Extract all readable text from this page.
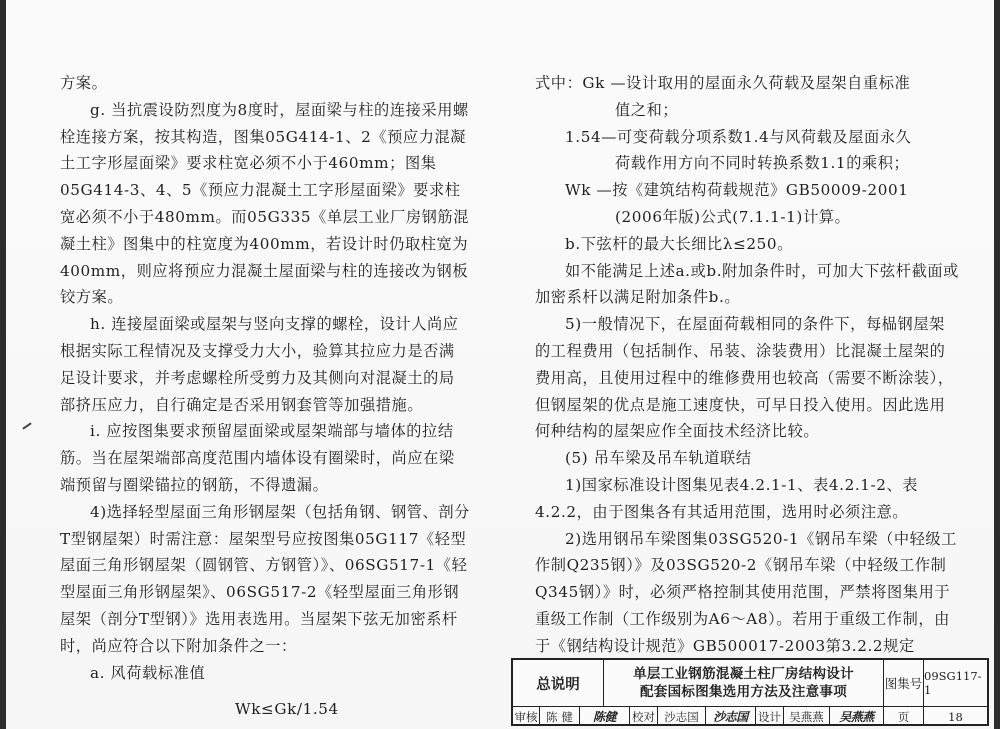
方案。

g. 当抗震设防烈度为8度时，屋面梁与柱的连接采用螺栓连接方案，按其构造，图集05G414-1、2《预应力混凝土工字形屋面梁》要求柱宽必须不小于460mm；图集05G414-3、4、5《预应力混凝土工字形屋面梁》要求柱宽必须不小于480mm。而05G335《单层工业厂房钢筋混凝土柱》图集中的柱宽度为400mm，若设计时仍取柱宽为400mm，则应将预应力混凝土屋面梁与柱的连接改为钢板铰方案。

h. 连接屋面梁或屋架与竖向支撑的螺栓，设计人尚应根据实际工程情况及支撑受力大小，验算其拉应力是否满足设计要求，并考虑螺栓所受剪力及其侧向对混凝土的局部挤压应力，自行确定是否采用钢套管等加强措施。

i. 应按图集要求预留屋面梁或屋架端部与墙体的拉结筋。当在屋架端部高度范围内墙体设有圈梁时，尚应在梁端预留与圈梁锚拉的钢筋，不得遗漏。

4)选择轻型屋面三角形钢屋架（包括角钢、钢管、剖分T型钢屋架）时需注意：屋架型号应按图集05G117《轻型屋面三角形钢屋架（圆钢管、方钢管）》、06SG517-1《轻型屋面三角形钢屋架》、06SG517-2《轻型屋面三角形钢屋架（剖分T型钢）》选用表选用。当屋架下弦无加密系杆时，尚应符合以下附加条件之一：

a. 风荷载标准值

Wk≤Gk/1.54

式中：Gk —设计取用的屋面永久荷载及屋架自重标准

值之和；

1.54—可变荷载分项系数1.4与风荷载及屋面永久

荷载作用方向不同时转换系数1.1的乘积；

Wk —按《建筑结构荷载规范》GB50009-2001

(2006年版)公式(7.1.1-1)计算。

b.下弦杆的最大长细比λ≤250。

如不能满足上述a.或b.附加条件时，可加大下弦杆截面或加密系杆以满足附加条件b.。

5)一般情况下，在屋面荷载相同的条件下，每榀钢屋架的工程费用（包括制作、吊装、涂装费用）比混凝土屋架的费用高，且使用过程中的维修费用也较高（需要不断涂装），但钢屋架的优点是施工速度快，可早日投入使用。因此选用何种结构的屋架应作全面技术经济比较。

(5) 吊车梁及吊车轨道联结

1)国家标准设计图集见表4.2.1-1、表4.2.1-2、表4.2.2，由于图集各有其适用范围，选用时必须注意。

2)选用钢吊车梁图集03SG520-1《钢吊车梁（中轻级工作制Q235钢）》及03SG520-2《钢吊车梁（中轻级工作制Q345钢）》时，必须严格控制其使用范围，严禁将图集用于重级工作制（工作级别为A6～A8）。若用于重级工作制，由于《钢结构设计规范》GB500017-2003第3.2.2规定

总说明
单层工业钢筋混凝土柱厂房结构设计
配套国标图集选用方法及注意事项
图集号 09SG117-1
审核 陈 健	陈健	校对 沙志国	沙志国 设计 吴燕燕	吴燕燕	页	18
